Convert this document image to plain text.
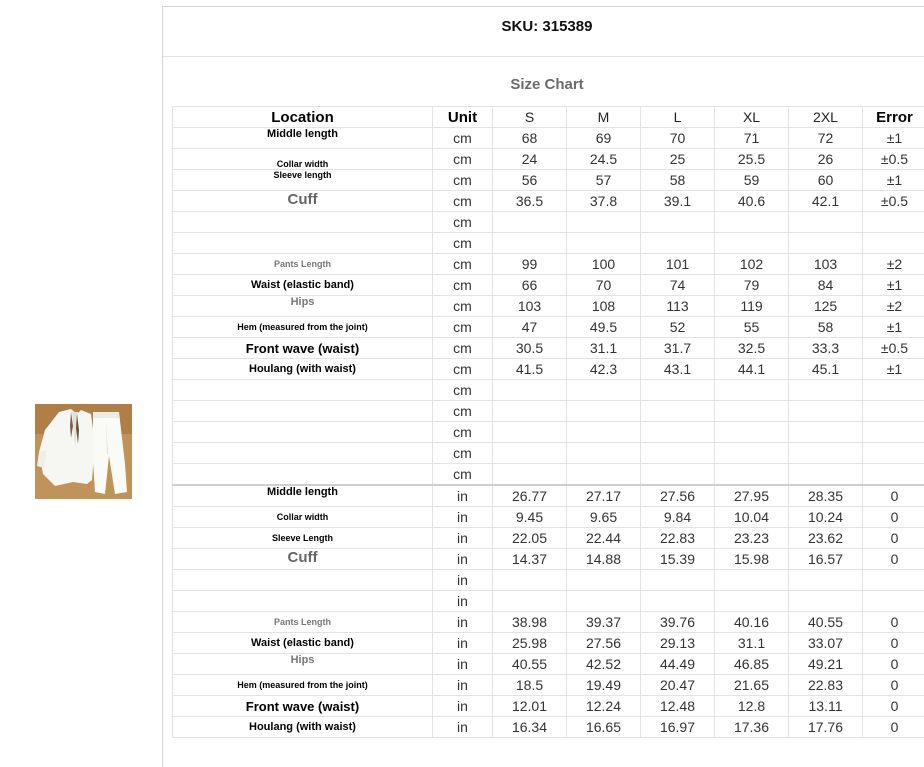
SKU: 315389
Size Chart
Location	Unit	S	M	L	XL	2XL	Error
Middle length	cm	68	69	70	71	72	±1
Collar width	cm	24	24.5	25	25.5	26	±0.5
Sleeve length	cm	56	57	58	59	60	±1
Cuff	cm	36.5	37.8	39.1	40.6	42.1	±0.5
	cm						
	cm						
Pants Length	cm	99	100	101	102	103	±2
Waist (elastic band)	cm	66	70	74	79	84	±1
Hips	cm	103	108	113	119	125	±2
Hem (measured from the joint)	cm	47	49.5	52	55	58	±1
Front wave (waist)	cm	30.5	31.1	31.7	32.5	33.3	±0.5
Houlang (with waist)	cm	41.5	42.3	43.1	44.1	45.1	±1
	cm						
	cm						
	cm						
	cm						
	cm						
Middle length	in	26.77	27.17	27.56	27.95	28.35	0
Collar width	in	9.45	9.65	9.84	10.04	10.24	0
Sleeve Length	in	22.05	22.44	22.83	23.23	23.62	0
Cuff	in	14.37	14.88	15.39	15.98	16.57	0
	in						
	in						
Pants Length	in	38.98	39.37	39.76	40.16	40.55	0
Waist (elastic band)	in	25.98	27.56	29.13	31.1	33.07	0
Hips	in	40.55	42.52	44.49	46.85	49.21	0
Hem (measured from the joint)	in	18.5	19.49	20.47	21.65	22.83	0
Front wave (waist)	in	12.01	12.24	12.48	12.8	13.11	0
Houlang (with waist)	in	16.34	16.65	16.97	17.36	17.76	0
